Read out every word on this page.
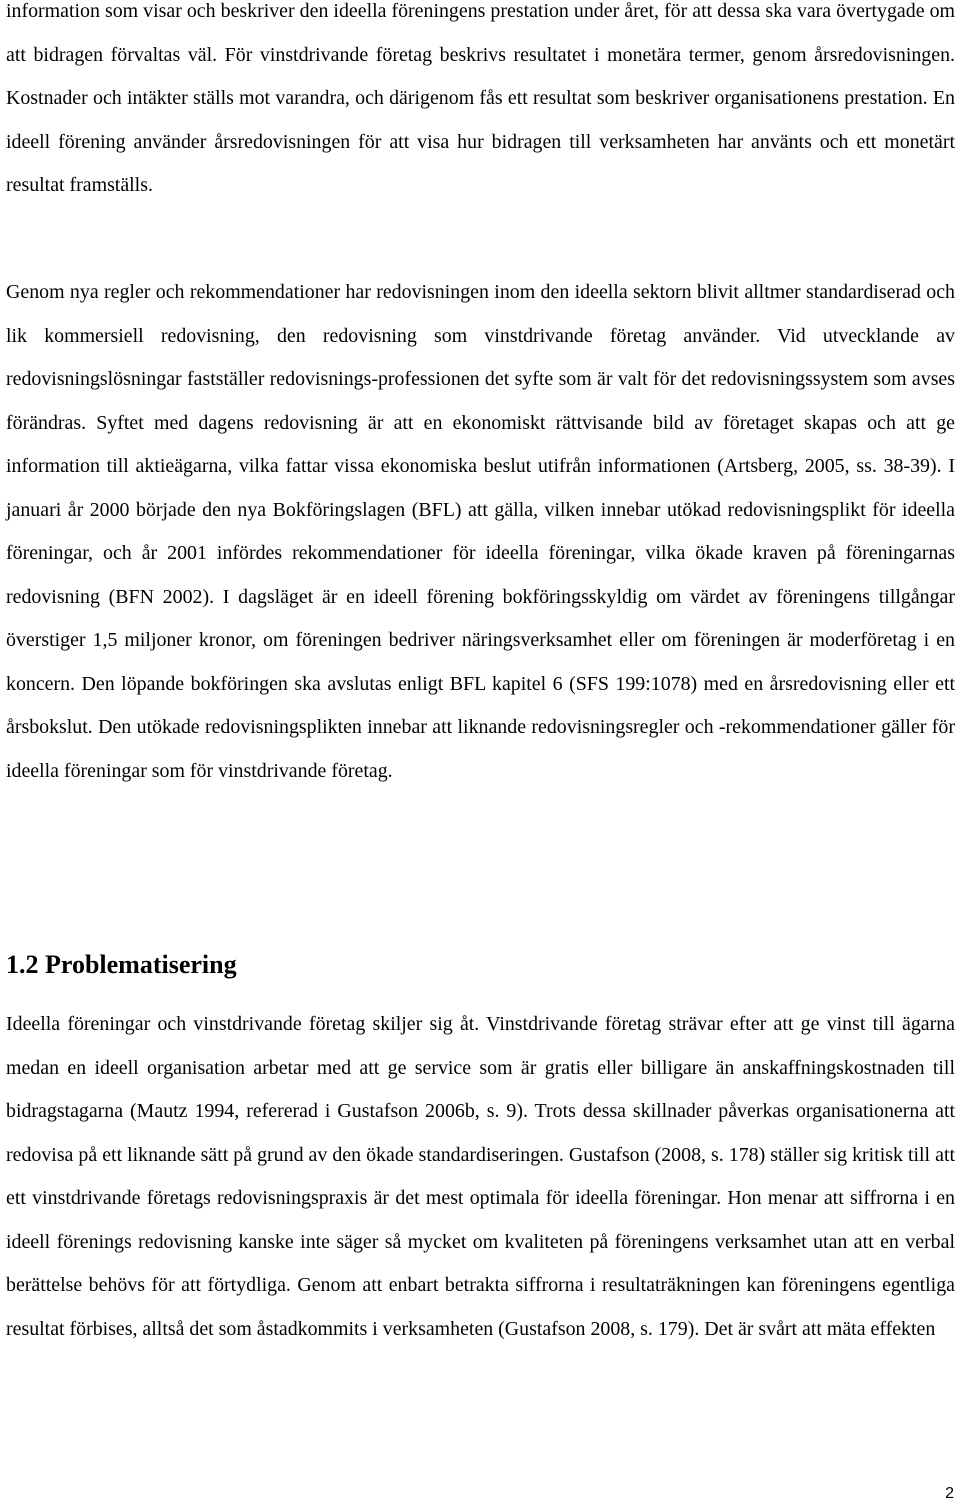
information som visar och beskriver den ideella föreningens prestation under året, för att dessa ska vara övertygade om att bidragen förvaltas väl. För vinstdrivande företag beskrivs resultatet i monetära termer, genom årsredovisningen. Kostnader och intäkter ställs mot varandra, och därigenom fås ett resultat som beskriver organisationens prestation. En ideell förening använder årsredovisningen för att visa hur bidragen till verksamheten har använts och ett monetärt resultat framställs.

Genom nya regler och rekommendationer har redovisningen inom den ideella sektorn blivit alltmer standardiserad och lik kommersiell redovisning, den redovisning som vinstdrivande företag använder. Vid utvecklande av redovisningslösningar fastställer redovisnings-professionen det syfte som är valt för det redovisningssystem som avses förändras. Syftet med dagens redovisning är att en ekonomiskt rättvisande bild av företaget skapas och att ge information till aktieägarna, vilka fattar vissa ekonomiska beslut utifrån informationen (Artsberg, 2005, ss. 38-39). I januari år 2000 började den nya Bokföringslagen (BFL) att gälla, vilken innebar utökad redovisningsplikt för ideella föreningar, och år 2001 infördes rekommendationer för ideella föreningar, vilka ökade kraven på föreningarnas redovisning (BFN 2002). I dagsläget är en ideell förening bokföringsskyldig om värdet av föreningens tillgångar överstiger 1,5 miljoner kronor, om föreningen bedriver näringsverksamhet eller om föreningen är moderföretag i en koncern. Den löpande bokföringen ska avslutas enligt BFL kapitel 6 (SFS 199:1078) med en årsredovisning eller ett årsbokslut. Den utökade redovisningsplikten innebar att liknande redovisningsregler och -rekommendationer gäller för ideella föreningar som för vinstdrivande företag.

1.2 Problematisering

Ideella föreningar och vinstdrivande företag skiljer sig åt. Vinstdrivande företag strävar efter att ge vinst till ägarna medan en ideell organisation arbetar med att ge service som är gratis eller billigare än anskaffningskostnaden till bidragstagarna (Mautz 1994, refererad i Gustafson 2006b, s. 9). Trots dessa skillnader påverkas organisationerna att redovisa på ett liknande sätt på grund av den ökade standardiseringen. Gustafson (2008, s. 178) ställer sig kritisk till att ett vinstdrivande företags redovisningspraxis är det mest optimala för ideella föreningar. Hon menar att siffrorna i en ideell förenings redovisning kanske inte säger så mycket om kvaliteten på föreningens verksamhet utan att en verbal berättelse behövs för att förtydliga. Genom att enbart betrakta siffrorna i resultaträkningen kan föreningens egentliga resultat förbises, alltså det som åstadkommits i verksamheten (Gustafson 2008, s. 179). Det är svårt att mäta effekten

2
